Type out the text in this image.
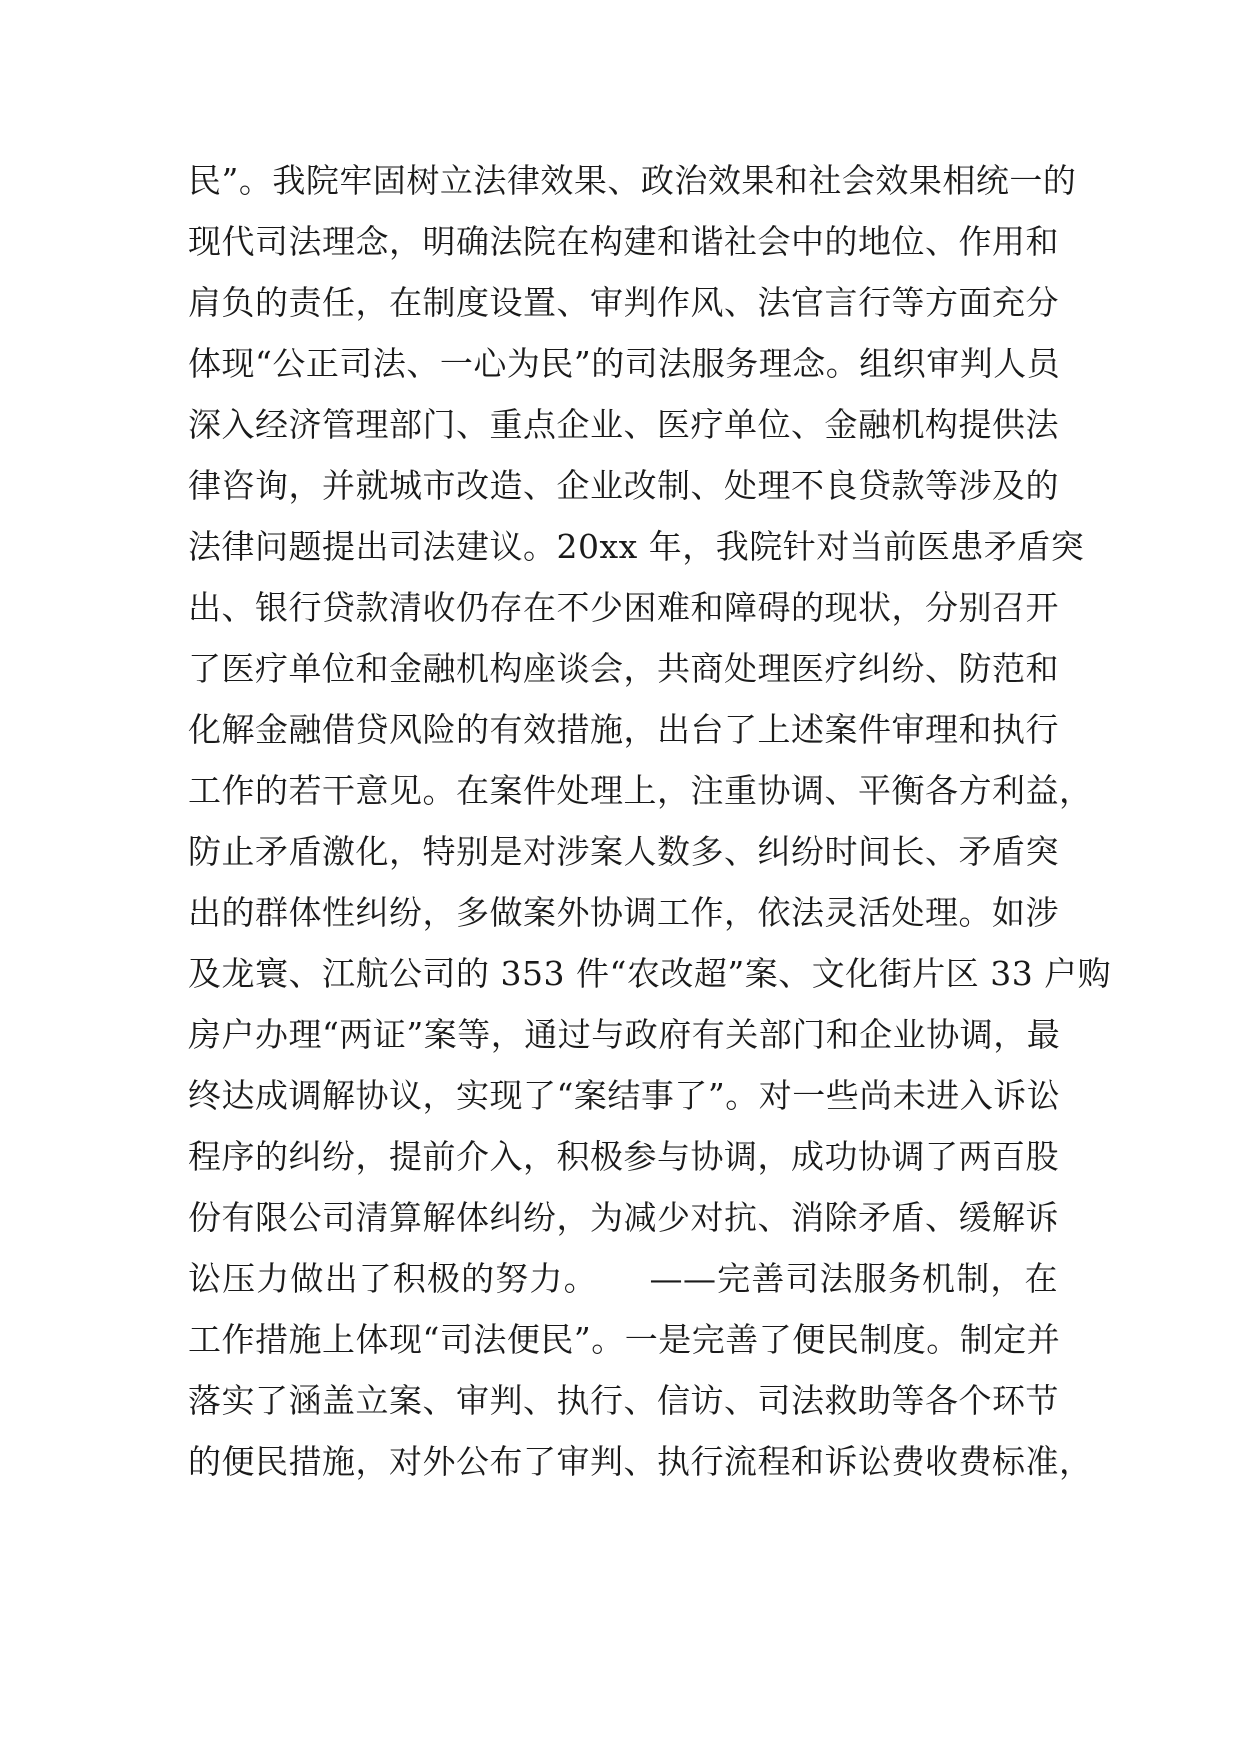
民”。我院牢固树立法律效果、政治效果和社会效果相统一的
现代司法理念，明确法院在构建和谐社会中的地位、作用和
肩负的责任，在制度设置、审判作风、法官言行等方面充分
体现“公正司法、一心为民”的司法服务理念。组织审判人员
深入经济管理部门、重点企业、医疗单位、金融机构提供法
律咨询，并就城市改造、企业改制、处理不良贷款等涉及的
法律问题提出司法建议。20xx 年，我院针对当前医患矛盾突
出、银行贷款清收仍存在不少困难和障碍的现状，分别召开
了医疗单位和金融机构座谈会，共商处理医疗纠纷、防范和
化解金融借贷风险的有效措施，出台了上述案件审理和执行
工作的若干意见。在案件处理上，注重协调、平衡各方利益，
防止矛盾激化，特别是对涉案人数多、纠纷时间长、矛盾突
出的群体性纠纷，多做案外协调工作，依法灵活处理。如涉
及龙寰、江航公司的 353 件“农改超”案、文化街片区 33 户购
房户办理“两证”案等，通过与政府有关部门和企业协调，最
终达成调解协议，实现了“案结事了”。对一些尚未进入诉讼
程序的纠纷，提前介入，积极参与协调，成功协调了两百股
份有限公司清算解体纠纷，为减少对抗、消除矛盾、缓解诉
讼压力做出了积极的努力。　　——完善司法服务机制，在
工作措施上体现“司法便民”。一是完善了便民制度。制定并
落实了涵盖立案、审判、执行、信访、司法救助等各个环节
的便民措施，对外公布了审判、执行流程和诉讼费收费标准，
